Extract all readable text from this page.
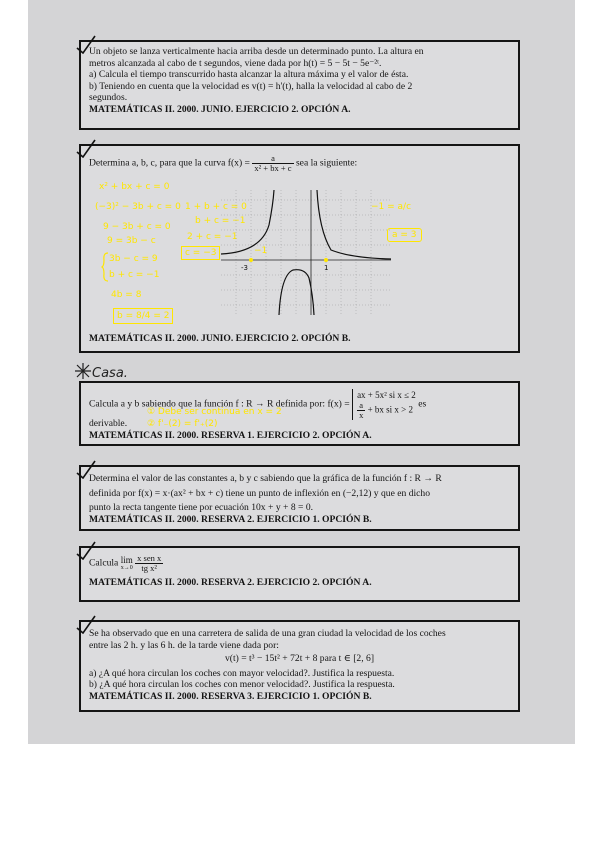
Un objeto se lanza verticalmente hacia arriba desde un determinado punto. La altura en

metros alcanzada al cabo de t segundos, viene dada por h(t) = 5 − 5t − 5e⁻²ᵗ.

a) Calcula el tiempo transcurrido hasta alcanzar la altura máxima y el valor de ésta.

b) Teniendo en cuenta que la velocidad es v(t) = h'(t), halla la velocidad al cabo de 2

segundos.

MATEMÁTICAS II. 2000. JUNIO. EJERCICIO 2. OPCIÓN A.

Determina a, b, c, para que la curva $f(x) = \frac{a}{\text{x² + bx + c}}$ sea la siguiente:

x² + bx + c = 0
(−3)² − 3b + c = 0
9 − 3b + c = 0
9 = 3b − c
3b − c = 9
b + c = −1
4b = 8
b = 8/4 = 2
1 + b + c = 0
b + c = −1
2 + c = −1
c = −3
−1 = a/c
a = 3
-3	1
−1

MATEMÁTICAS II. 2000. JUNIO. EJERCICIO 2. OPCIÓN B.

Casa.

Calcula a y b sabiendo que la función f : R → R definida por: f(x) =
ax + 5x² si x ≤ 2
$\frac{a}{x}$ + bx si x > 2 es

derivable.

MATEMÁTICAS II. 2000. RESERVA 1. EJERCICIO 2. OPCIÓN A.

① Debe ser continua en x = 2
② f'₋(2) = f'₊(2)

Determina el valor de las constantes a, b y c sabiendo que la gráfica de la función f : R → R

definida por f(x) = x·(ax² + bx + c) tiene un punto de inflexión en (−2,12) y que en dicho

punto la recta tangente tiene por ecuación 10x + y + 8 = 0.

MATEMÁTICAS II. 2000. RESERVA 2. EJERCICIO 1. OPCIÓN B.

Calcula lim
x→0
$\frac{\text{x sen x}}{\text{tg x²}}$

MATEMÁTICAS II. 2000. RESERVA 2. EJERCICIO 2. OPCIÓN A.

Se ha observado que en una carretera de salida de una gran ciudad la velocidad de los coches

entre las 2 h. y las 6 h. de la tarde viene dada por:

v(t) = t³ − 15t² + 72t + 8 para t ∈ [2, 6]

a) ¿A qué hora circulan los coches con mayor velocidad?. Justifica la respuesta.

b) ¿A qué hora circulan los coches con menor velocidad?. Justifica la respuesta.

MATEMÁTICAS II. 2000. RESERVA 3. EJERCICIO 1. OPCIÓN B.
